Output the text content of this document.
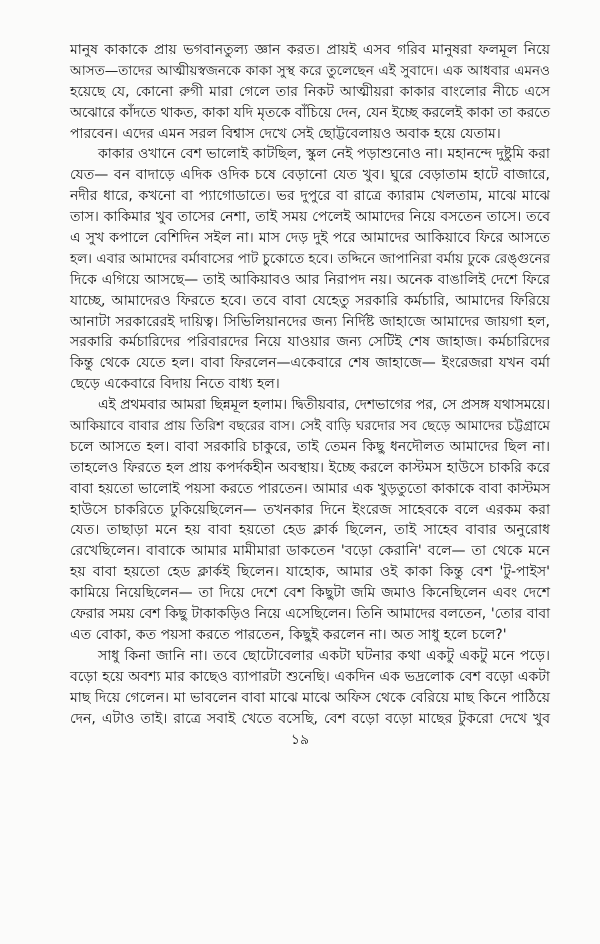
মানুষ কাকাকে প্রায় ভগবানতুল্য জ্ঞান করত। প্রায়ই এসব গরিব মানুষরা ফলমূল নিয়ে
আসত—তাদের আত্মীয়স্বজনকে কাকা সুস্থ করে তুলেছেন এই সুবাদে। এক আধবার এমনও
হয়েছে যে, কোনো রুগী মারা গেলে তার নিকট আত্মীয়রা কাকার বাংলোর নীচে এসে
অঝোরে কাঁদতে থাকত, কাকা যদি মৃতকে বাঁচিয়ে দেন, যেন ইচ্ছে করলেই কাকা তা করতে
পারবেন। এদের এমন সরল বিশ্বাস দেখে সেই ছোট্টবেলায়ও অবাক হয়ে যেতাম।
কাকার ওখানে বেশ ভালোই কাটছিল, স্কুল নেই পড়াশুনোও না। মহানন্দে দুষ্টুমি করা
যেত— বন বাদাড়ে এদিক ওদিক চষে বেড়ানো যেত খুব। ঘুরে বেড়াতাম হাটে বাজারে,
নদীর ধারে, কখনো বা প্যাগোডাতে। ভর দুপুরে বা রাত্রে ক্যারাম খেলতাম, মাঝে মাঝে
তাস। কাকিমার খুব তাসের নেশা, তাই সময় পেলেই আমাদের নিয়ে বসতেন তাসে। তবে
এ সুখ কপালে বেশিদিন সইল না। মাস দেড় দুই পরে আমাদের আকিয়াবে ফিরে আসতে
হল। এবার আমাদের বর্মাবাসের পাট চুকোতে হবে। তদ্দিনে জাপানিরা বর্মায় ঢুকে রেঙ্গুনের
দিকে এগিয়ে আসছে— তাই আকিয়াবও আর নিরাপদ নয়। অনেক বাঙালিই দেশে ফিরে
যাচ্ছে, আমাদেরও ফিরতে হবে। তবে বাবা যেহেতু সরকারি কর্মচারি, আমাদের ফিরিয়ে
আনাটা সরকারেরই দায়িত্ব। সিভিলিয়ানদের জন্য নির্দিষ্ট জাহাজে আমাদের জায়গা হল,
সরকারি কর্মচারিদের পরিবারদের নিয়ে যাওয়ার জন্য সেটিই শেষ জাহাজ। কর্মচারিদের
কিন্তু থেকে যেতে হল। বাবা ফিরলেন—একেবারে শেষ জাহাজে— ইংরেজরা যখন বর্মা
ছেড়ে একেবারে বিদায় নিতে বাধ্য হল।
এই প্রথমবার আমরা ছিন্নমূল হলাম। দ্বিতীয়বার, দেশভাগের পর, সে প্রসঙ্গ যথাসময়ে।
আকিয়াবে বাবার প্রায় তিরিশ বছরের বাস। সেই বাড়ি ঘরদোর সব ছেড়ে আমাদের চট্টগ্রামে
চলে আসতে হল। বাবা সরকারি চাকুরে, তাই তেমন কিছু ধনদৌলত আমাদের ছিল না।
তাহলেও ফিরতে হল প্রায় কপর্দকহীন অবস্থায়। ইচ্ছে করলে কাস্টমস হাউসে চাকরি করে
বাবা হয়তো ভালোই পয়সা করতে পারতেন। আমার এক খুড়তুতো কাকাকে বাবা কাস্টমস
হাউসে চাকরিতে ঢুকিয়েছিলেন— তখনকার দিনে ইংরেজ সাহেবকে বলে এরকম করা
যেত। তাছাড়া মনে হয় বাবা হয়তো হেড ক্লার্ক ছিলেন, তাই সাহেব বাবার অনুরোধ
রেখেছিলেন। বাবাকে আমার মামীমারা ডাকতেন 'বড়ো কেরানি' বলে— তা থেকে মনে
হয় বাবা হয়তো হেড ক্লার্কই ছিলেন। যাহোক, আমার ওই কাকা কিন্তু বেশ 'টু-পাইস'
কামিয়ে নিয়েছিলেন— তা দিয়ে দেশে বেশ কিছুটা জমি জমাও কিনেছিলেন এবং দেশে
ফেরার সময় বেশ কিছু টাকাকড়িও নিয়ে এসেছিলেন। তিনি আমাদের বলতেন, 'তোর বাবা
এত বোকা, কত পয়সা করতে পারতেন, কিছুই করলেন না। অত সাধু হলে চলে?'
সাধু কিনা জানি না। তবে ছোটোবেলার একটা ঘটনার কথা একটু একটু মনে পড়ে।
বড়ো হয়ে অবশ্য মার কাছেও ব্যাপারটা শুনেছি। একদিন এক ভদ্রলোক বেশ বড়ো একটা
মাছ দিয়ে গেলেন। মা ভাবলেন বাবা মাঝে মাঝে অফিস থেকে বেরিয়ে মাছ কিনে পাঠিয়ে
দেন, এটাও তাই। রাত্রে সবাই খেতে বসেছি, বেশ বড়ো বড়ো মাছের টুকরো দেখে খুব
১৯
